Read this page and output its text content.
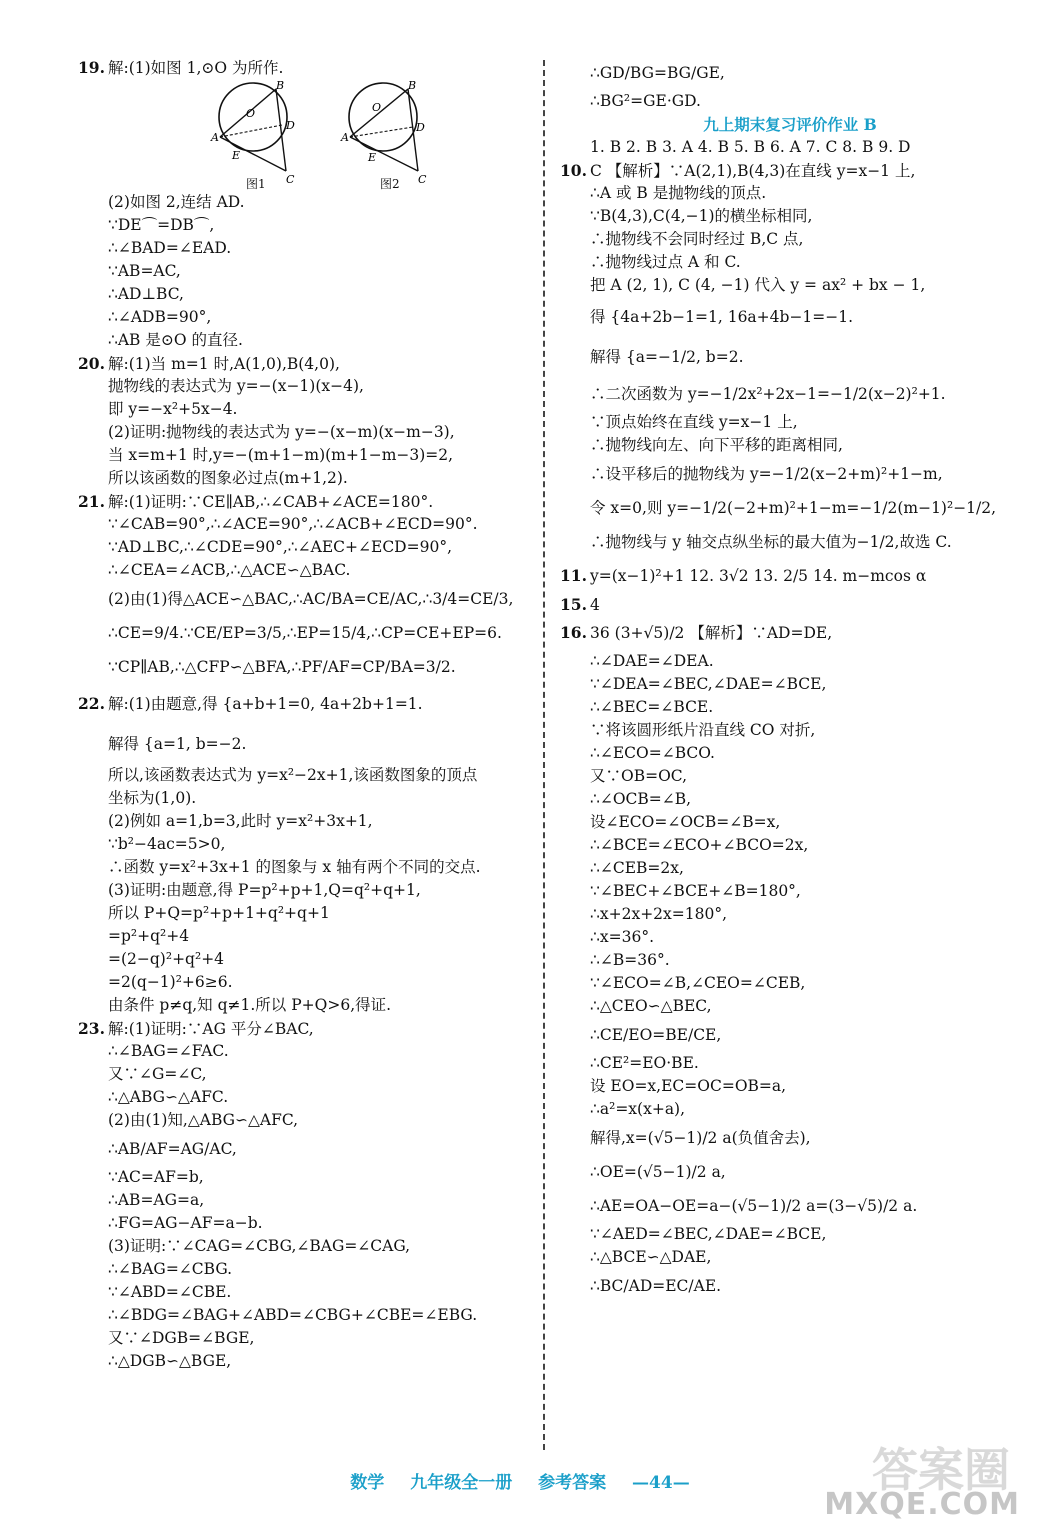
19. 解:(1)如图 1,⊙O 为所作.
B
A
D
E
C
O
B
A
D
E
C
O
图1	图2
(2)如图 2,连结 AD.
∵DE⌒=DB⌒,
∴∠BAD=∠EAD.
∵AB=AC,
∴AD⊥BC,
∴∠ADB=90°,
∴AB 是⊙O 的直径.
20. 解:(1)当 m=1 时,A(1,0),B(4,0),
抛物线的表达式为 y=−(x−1)(x−4),
即 y=−x²+5x−4.
(2)证明:抛物线的表达式为 y=−(x−m)(x−m−3),
当 x=m+1 时,y=−(m+1−m)(m+1−m−3)=2,
所以该函数的图象必过点(m+1,2).
21. 解:(1)证明:∵CE∥AB,∴∠CAB+∠ACE=180°.
∵∠CAB=90°,∴∠ACE=90°,∴∠ACB+∠ECD=90°.
∵AD⊥BC,∴∠CDE=90°,∴∠AEC+∠ECD=90°,
∴∠CEA=∠ACB,∴△ACE∽△BAC.
(2)由(1)得△ACE∽△BAC,∴AC/BA=CE/AC,∴3/4=CE/3,
∴CE=9/4.∵CE/EP=3/5,∴EP=15/4,∴CP=CE+EP=6.
∵CP∥AB,∴△CFP∽△BFA,∴PF/AF=CP/BA=3/2.
22. 解:(1)由题意,得 {a+b+1=0, 4a+2b+1=1.
解得 {a=1, b=−2.
所以,该函数表达式为 y=x²−2x+1,该函数图象的顶点
坐标为(1,0).
(2)例如 a=1,b=3,此时 y=x²+3x+1,
∵b²−4ac=5>0,
∴函数 y=x²+3x+1 的图象与 x 轴有两个不同的交点.
(3)证明:由题意,得 P=p²+p+1,Q=q²+q+1,
所以 P+Q=p²+p+1+q²+q+1
=p²+q²+4
=(2−q)²+q²+4
=2(q−1)²+6≥6.
由条件 p≠q,知 q≠1.所以 P+Q>6,得证.
23. 解:(1)证明:∵AG 平分∠BAC,
∴∠BAG=∠FAC.
又∵∠G=∠C,
∴△ABG∽△AFC.
(2)由(1)知,△ABG∽△AFC,
∴AB/AF=AG/AC,
∵AC=AF=b,
∴AB=AG=a,
∴FG=AG−AF=a−b.
(3)证明:∵∠CAG=∠CBG,∠BAG=∠CAG,
∴∠BAG=∠CBG.
∵∠ABD=∠CBE.
∴∠BDG=∠BAG+∠ABD=∠CBG+∠CBE=∠EBG.
又∵∠DGB=∠BGE,
∴△DGB∽△BGE,
∴GD/BG=BG/GE,
∴BG²=GE·GD.
九上期末复习评价作业 B
1. B 2. B 3. A 4. B 5. B 6. A 7. C 8. B 9. D
10. C 【解析】∵A(2,1),B(4,3)在直线 y=x−1 上,
∴A 或 B 是抛物线的顶点.
∵B(4,3),C(4,−1)的横坐标相同,
∴抛物线不会同时经过 B,C 点,
∴抛物线过点 A 和 C.
把 A (2, 1), C (4, −1) 代入 y = ax² + bx − 1,
得 {4a+2b−1=1, 16a+4b−1=−1.
解得 {a=−1/2, b=2.
∴二次函数为 y=−1/2x²+2x−1=−1/2(x−2)²+1.
∵顶点始终在直线 y=x−1 上,
∴抛物线向左、向下平移的距离相同,
∴设平移后的抛物线为 y=−1/2(x−2+m)²+1−m,
令 x=0,则 y=−1/2(−2+m)²+1−m=−1/2(m−1)²−1/2,
∴抛物线与 y 轴交点纵坐标的最大值为−1/2,故选 C.
11. y=(x−1)²+1 12. 3√2 13. 2/5 14. m−mcos α
15. 4
16. 36 (3+√5)/2 【解析】∵AD=DE,
∴∠DAE=∠DEA.
∵∠DEA=∠BEC,∠DAE=∠BCE,
∴∠BEC=∠BCE.
∵将该圆形纸片沿直线 CO 对折,
∴∠ECO=∠BCO.
又∵OB=OC,
∴∠OCB=∠B,
设∠ECO=∠OCB=∠B=x,
∴∠BCE=∠ECO+∠BCO=2x,
∴∠CEB=2x,
∵∠BEC+∠BCE+∠B=180°,
∴x+2x+2x=180°,
∴x=36°.
∴∠B=36°.
∵∠ECO=∠B,∠CEO=∠CEB,
∴△CEO∽△BEC,
∴CE/EO=BE/CE,
∴CE²=EO·BE.
设 EO=x,EC=OC=OB=a,
∴a²=x(x+a),
解得,x=(√5−1)/2 a(负值舍去),
∴OE=(√5−1)/2 a,
∴AE=OA−OE=a−(√5−1)/2 a=(3−√5)/2 a.
∵∠AED=∠BEC,∠DAE=∠BCE,
∴△BCE∽△DAE,
∴BC/AD=EC/AE.
数学 九年级全一册 参考答案 —44—	答案圈
MXQE.COM
